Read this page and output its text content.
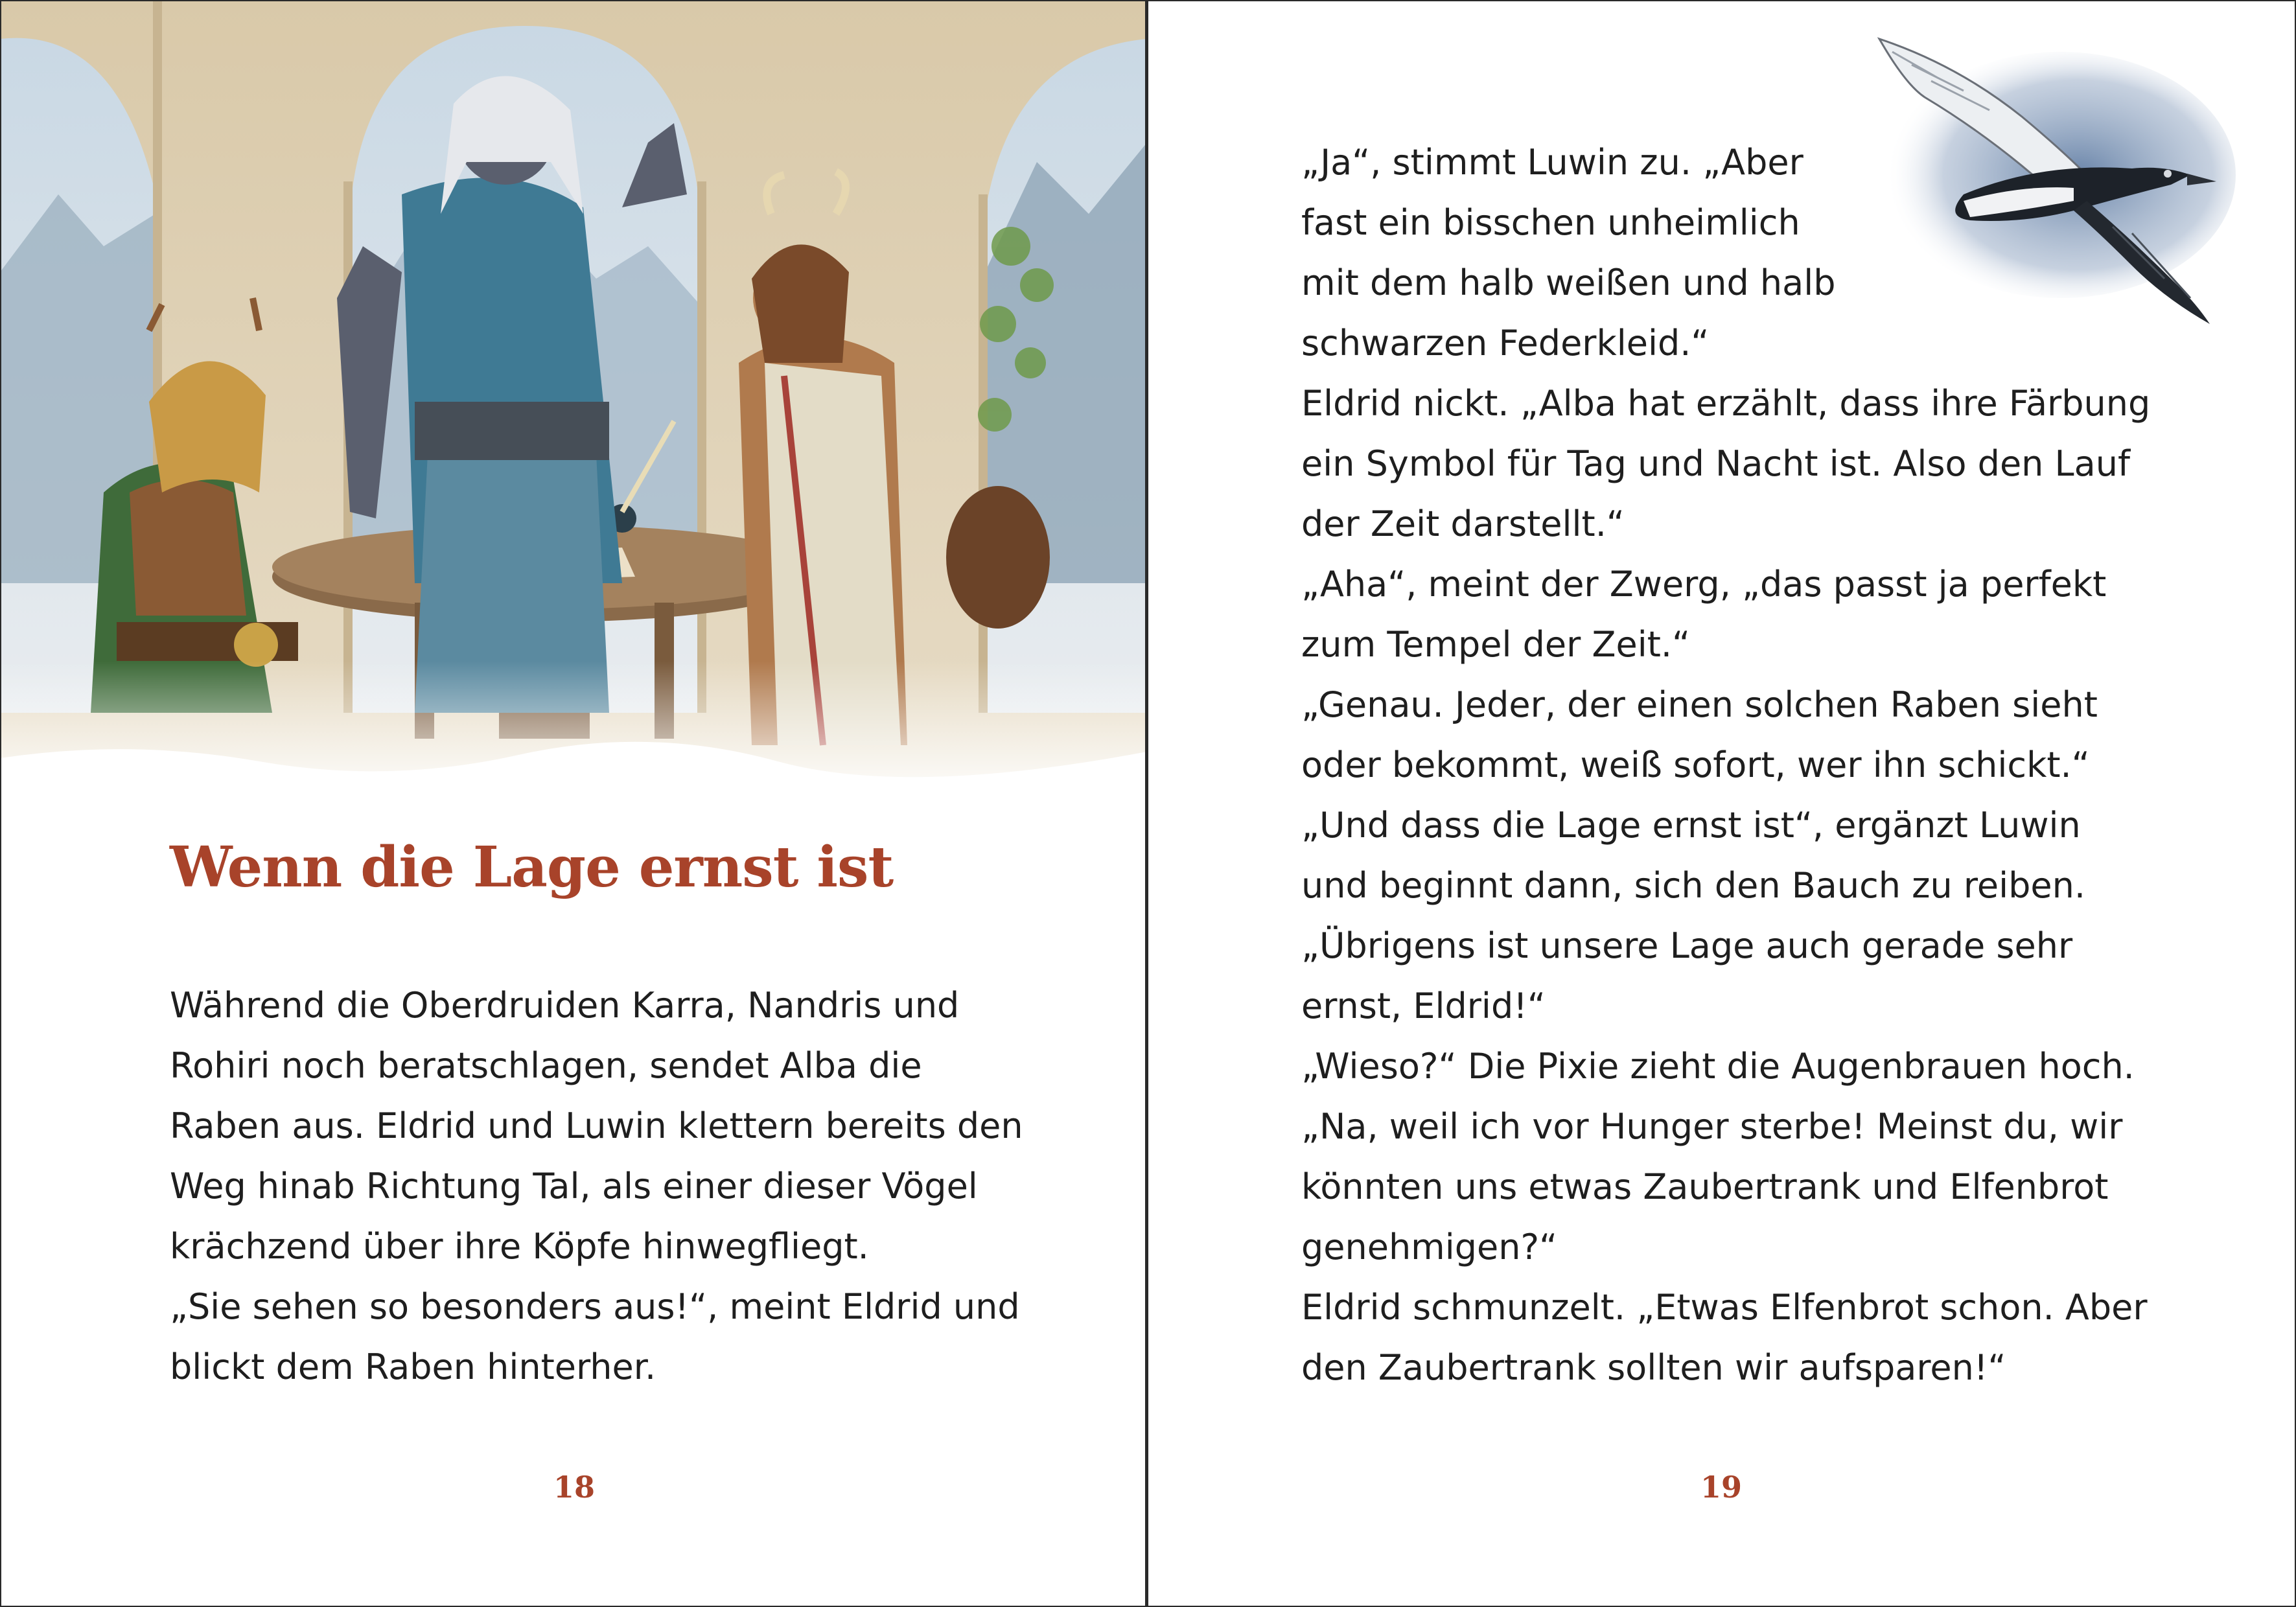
Wenn die Lage ernst ist
Während die Oberdruiden Karra, Nandris und
Rohiri noch beratschlagen, sendet Alba die
Raben aus. Eldrid und Luwin klettern bereits den
Weg hinab Richtung Tal, als einer dieser Vögel
krächzend über ihre Köpfe hinwegfliegt.
„Sie sehen so besonders aus!“, meint Eldrid und
blickt dem Raben hinterher.
18
„Ja“, stimmt Luwin zu. „Aber
fast ein bisschen unheimlich
mit dem halb weißen und halb
schwarzen Federkleid.“
Eldrid nickt. „Alba hat erzählt, dass ihre Färbung
ein Symbol für Tag und Nacht ist. Also den Lauf
der Zeit darstellt.“
„Aha“, meint der Zwerg, „das passt ja perfekt
zum Tempel der Zeit.“
„Genau. Jeder, der einen solchen Raben sieht
oder bekommt, weiß sofort, wer ihn schickt.“
„Und dass die Lage ernst ist“, ergänzt Luwin
und beginnt dann, sich den Bauch zu reiben.
„Übrigens ist unsere Lage auch gerade sehr
ernst, Eldrid!“
„Wieso?“ Die Pixie zieht die Augenbrauen hoch.
„Na, weil ich vor Hunger sterbe! Meinst du, wir
könnten uns etwas Zaubertrank und Elfenbrot
genehmigen?“
Eldrid schmunzelt. „Etwas Elfenbrot schon. Aber
den Zaubertrank sollten wir aufsparen!“
19
